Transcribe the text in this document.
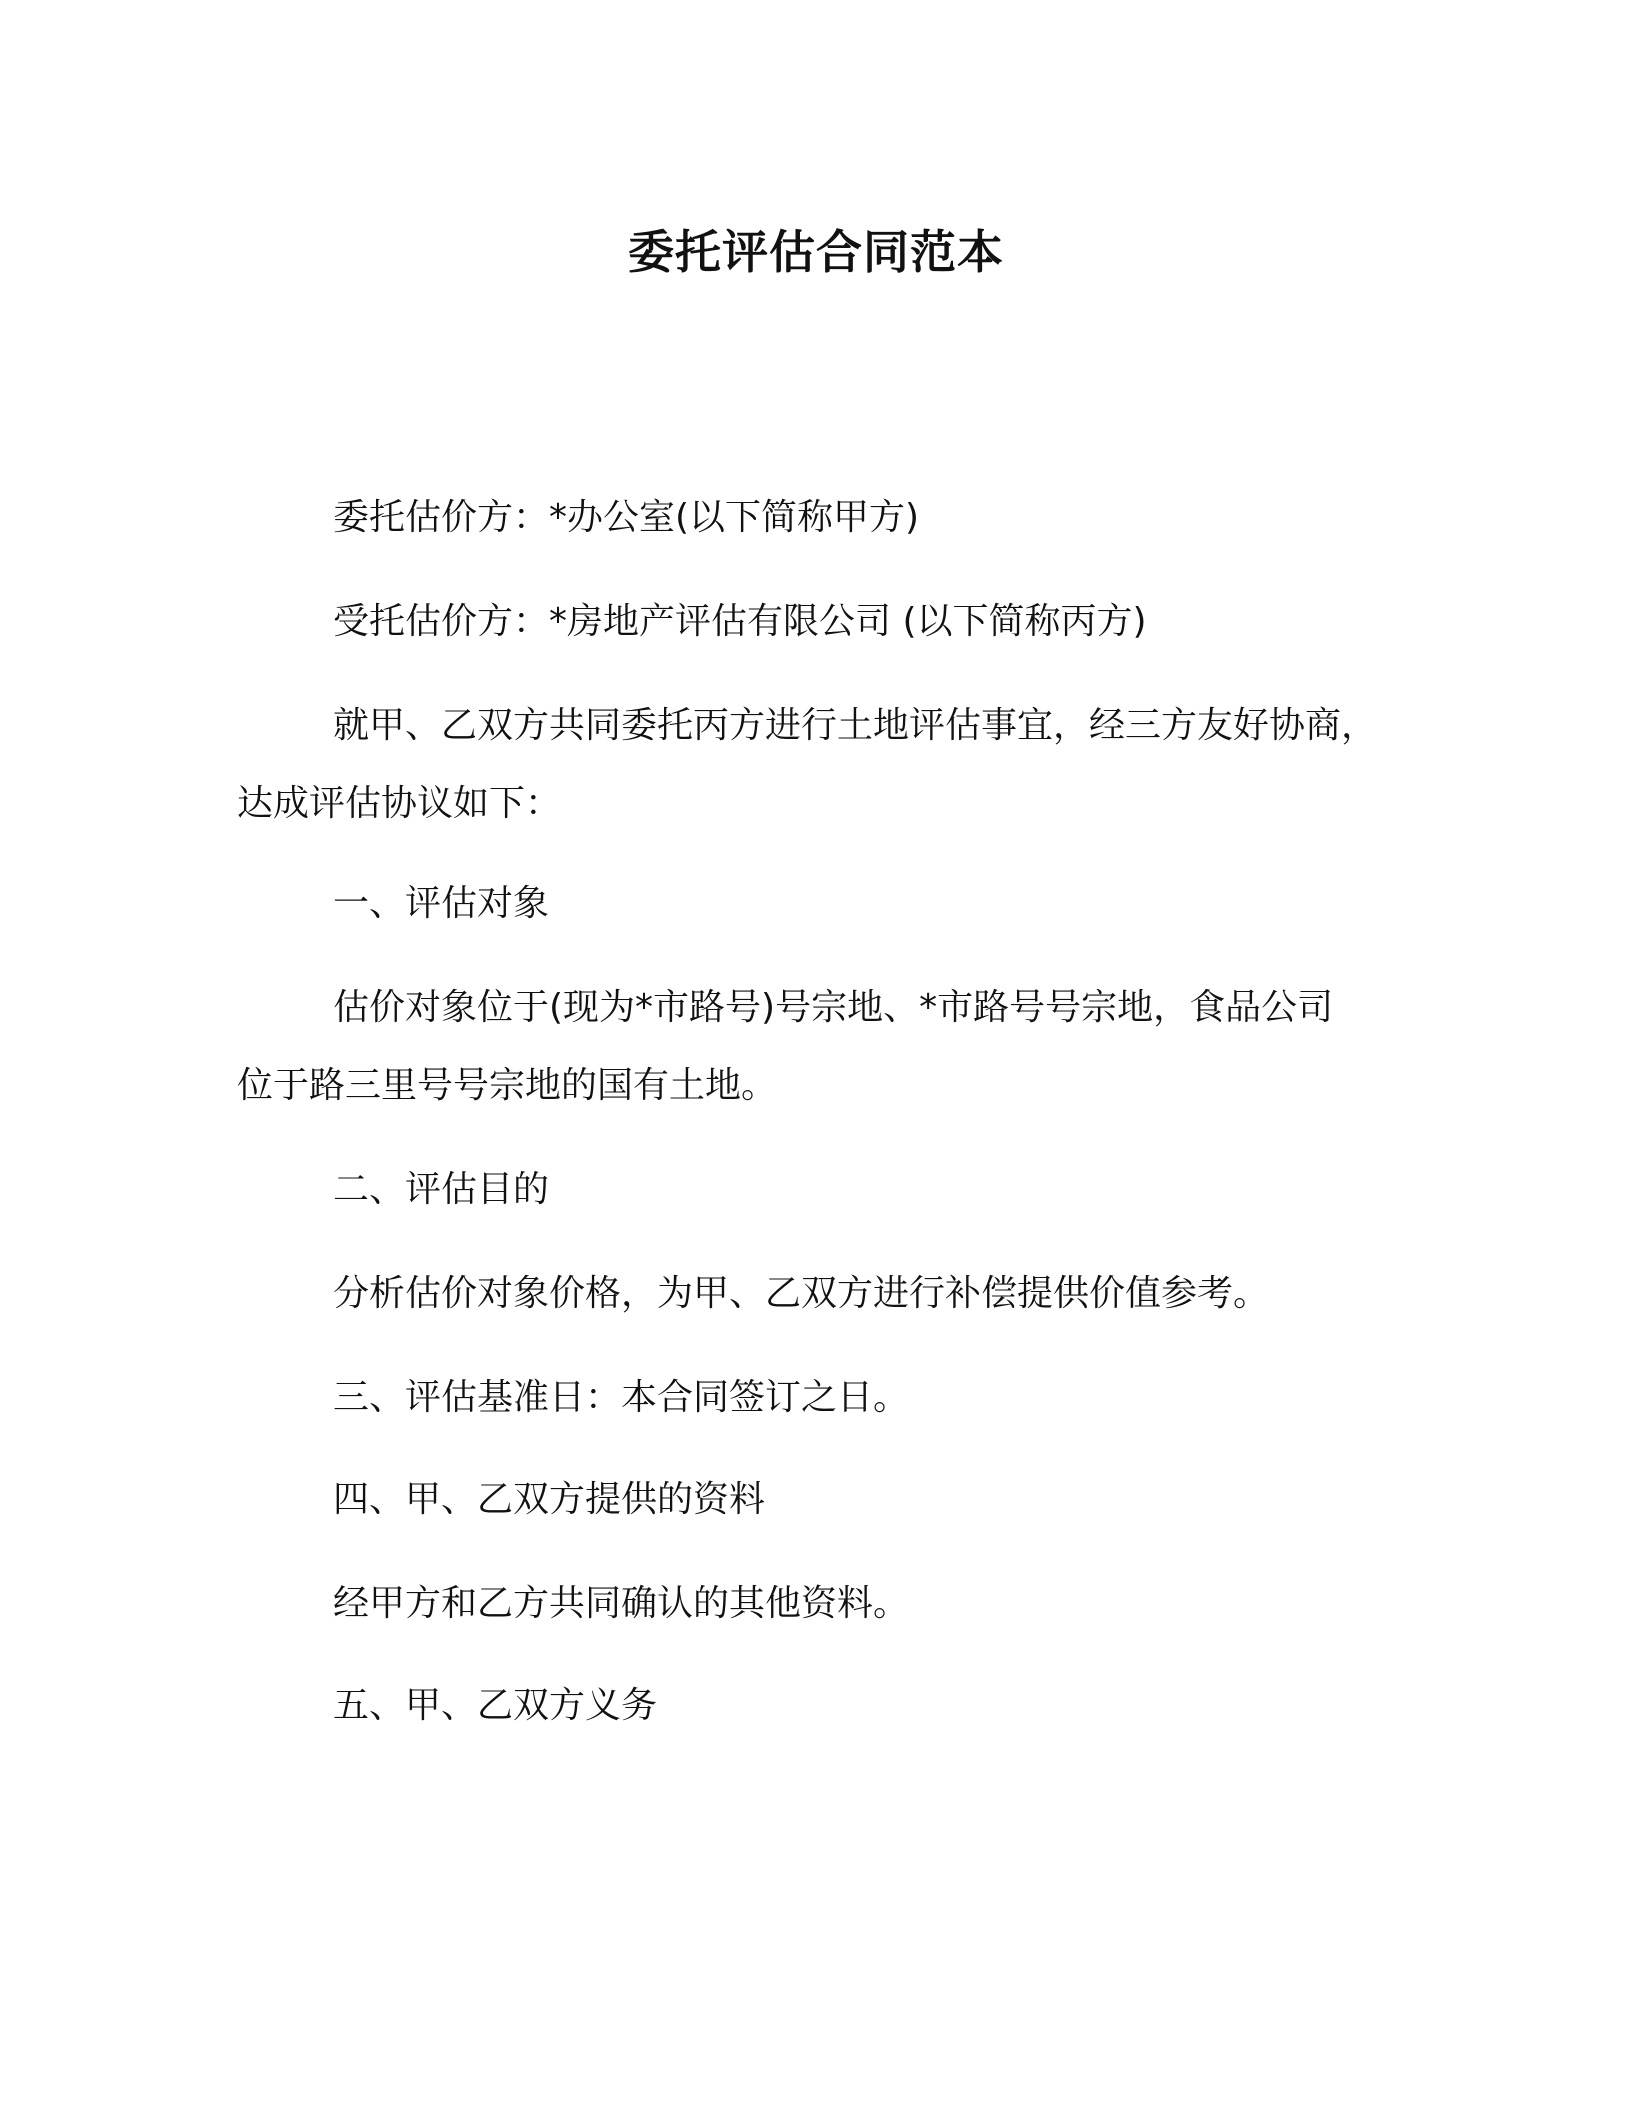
委托评估合同范本
委托估价方：*办公室(以下简称甲方)
受托估价方：*房地产评估有限公司 (以下简称丙方)
就甲、乙双方共同委托丙方进行土地评估事宜，经三方友好协商，
达成评估协议如下：
一、评估对象
估价对象位于(现为*市路号)号宗地、*市路号号宗地，食品公司
位于路三里号号宗地的国有土地。
二、评估目的
分析估价对象价格，为甲、乙双方进行补偿提供价值参考。
三、评估基准日：本合同签订之日。
四、甲、乙双方提供的资料
经甲方和乙方共同确认的其他资料。
五、甲、乙双方义务
